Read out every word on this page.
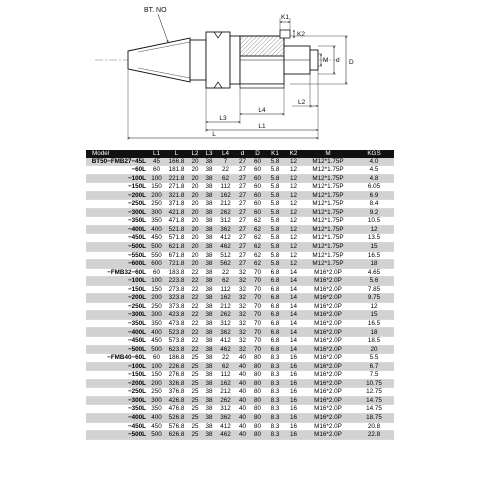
BT. NO
K1
K2
M d D
L2
L4
L3
L1
L
Model	L1	L	L2	L3	L4	d	D	K1	K2	M	KGS
BT50−FMB27−45L	45	166.8	20	38	7	27	60	5.8	12	M12*1.75P	4.0
−60L	60	181.8	20	38	22	27	60	5.8	12	M12*1.75P	4.5
−100L	100	221.8	20	38	62	27	60	5.8	12	M12*1.75P	4.8
−150L	150	271.8	20	38	112	27	60	5.8	12	M12*1.75P	6.05
−200L	200	321.8	20	38	162	27	60	5.8	12	M12*1.75P	6.9
−250L	250	371.8	20	38	212	27	60	5.8	12	M12*1.75P	8.4
−300L	300	421.8	20	38	262	27	60	5.8	12	M12*1.75P	9.2
−350L	350	471.8	20	38	312	27	62	5.8	12	M12*1.75P	10.5
−400L	400	521.8	20	38	362	27	62	5.8	12	M12*1.75P	12
−450L	450	571.8	20	38	412	27	62	5.8	12	M12*1.75P	13.5
−500L	500	621.8	20	38	462	27	62	5.8	12	M12*1.75P	15
−550L	550	671.8	20	38	512	27	62	5.8	12	M12*1.75P	16.5
−600L	600	721.8	20	38	562	27	62	5.8	12	M12*1.75P	18
−FMB32−60L	60	183.8	22	38	22	32	70	6.8	14	M16*2.0P	4.65
−100L	100	223.8	22	38	62	32	70	6.8	14	M16*2.0P	5.6
−150L	150	273.8	22	38	112	32	70	6.8	14	M16*2.0P	7.85
−200L	200	323.8	22	38	162	32	70	6.8	14	M16*2.0P	9.75
−250L	250	373.8	22	38	212	32	70	6.8	14	M16*2.0P	12
−300L	300	423.8	22	38	262	32	70	6.8	14	M16*2.0P	15
−350L	350	473.8	22	38	312	32	70	6.8	14	M16*2.0P	16.5
−400L	400	523.8	22	38	362	32	70	6.8	14	M16*2.0P	18
−450L	450	573.8	22	38	412	32	70	6.8	14	M16*2.0P	18.5
−500L	500	623.8	22	38	462	32	70	6.8	14	M16*2.0P	20
−FMB40−60L	60	186.8	25	38	22	40	80	8.3	16	M16*2.0P	5.5
−100L	100	226.8	25	38	62	40	80	8.3	16	M16*2.0P	6.7
−150L	150	276.8	25	38	112	40	80	8.3	16	M16*2.0P	7.5
−200L	200	326.8	25	38	162	40	80	8.3	16	M16*2.0P	10.75
−250L	250	376.8	25	38	212	40	80	8.3	16	M16*2.0P	12.75
−300L	300	426.8	25	38	262	40	80	8.3	16	M16*2.0P	14.75
−350L	350	476.8	25	38	312	40	80	8.3	16	M16*2.0P	14.75
−400L	400	526.8	25	38	362	40	80	8.3	16	M16*2.0P	18.75
−450L	450	576.8	25	38	412	40	80	8.3	16	M16*2.0P	20.8
−500L	500	626.8	25	38	462	40	80	8.3	16	M16*2.0P	22.8
